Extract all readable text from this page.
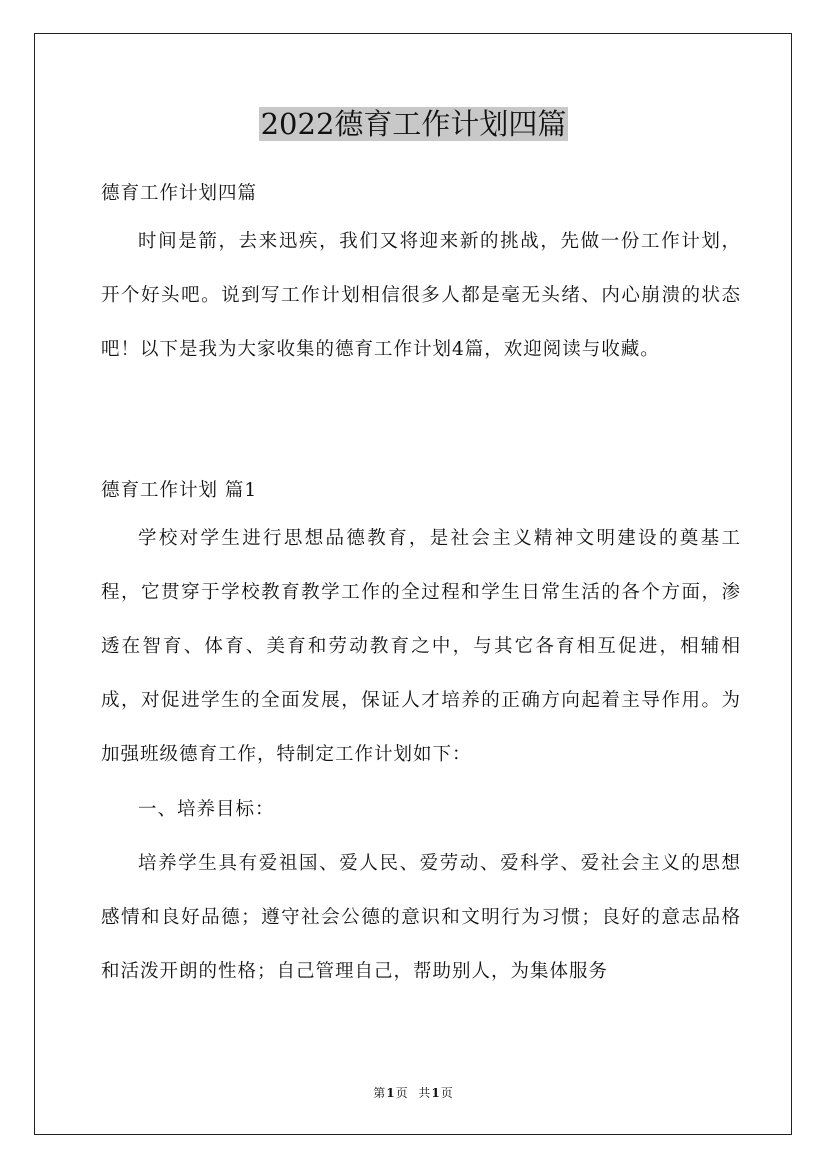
2022德育工作计划四篇

德育工作计划四篇

时间是箭，去来迅疾，我们又将迎来新的挑战，先做一份工作计划，开个好头吧。说到写工作计划相信很多人都是毫无头绪、内心崩溃的状态吧！以下是我为大家收集的德育工作计划4篇，欢迎阅读与收藏。

德育工作计划 篇1

学校对学生进行思想品德教育，是社会主义精神文明建设的奠基工程，它贯穿于学校教育教学工作的全过程和学生日常生活的各个方面，渗透在智育、体育、美育和劳动教育之中，与其它各育相互促进，相辅相成，对促进学生的全面发展，保证人才培养的正确方向起着主导作用。为加强班级德育工作，特制定工作计划如下：

一、培养目标：

培养学生具有爱祖国、爱人民、爱劳动、爱科学、爱社会主义的思想感情和良好品德；遵守社会公德的意识和文明行为习惯；良好的意志品格和活泼开朗的性格；自己管理自己，帮助别人，为集体服务

第1页 共1页
